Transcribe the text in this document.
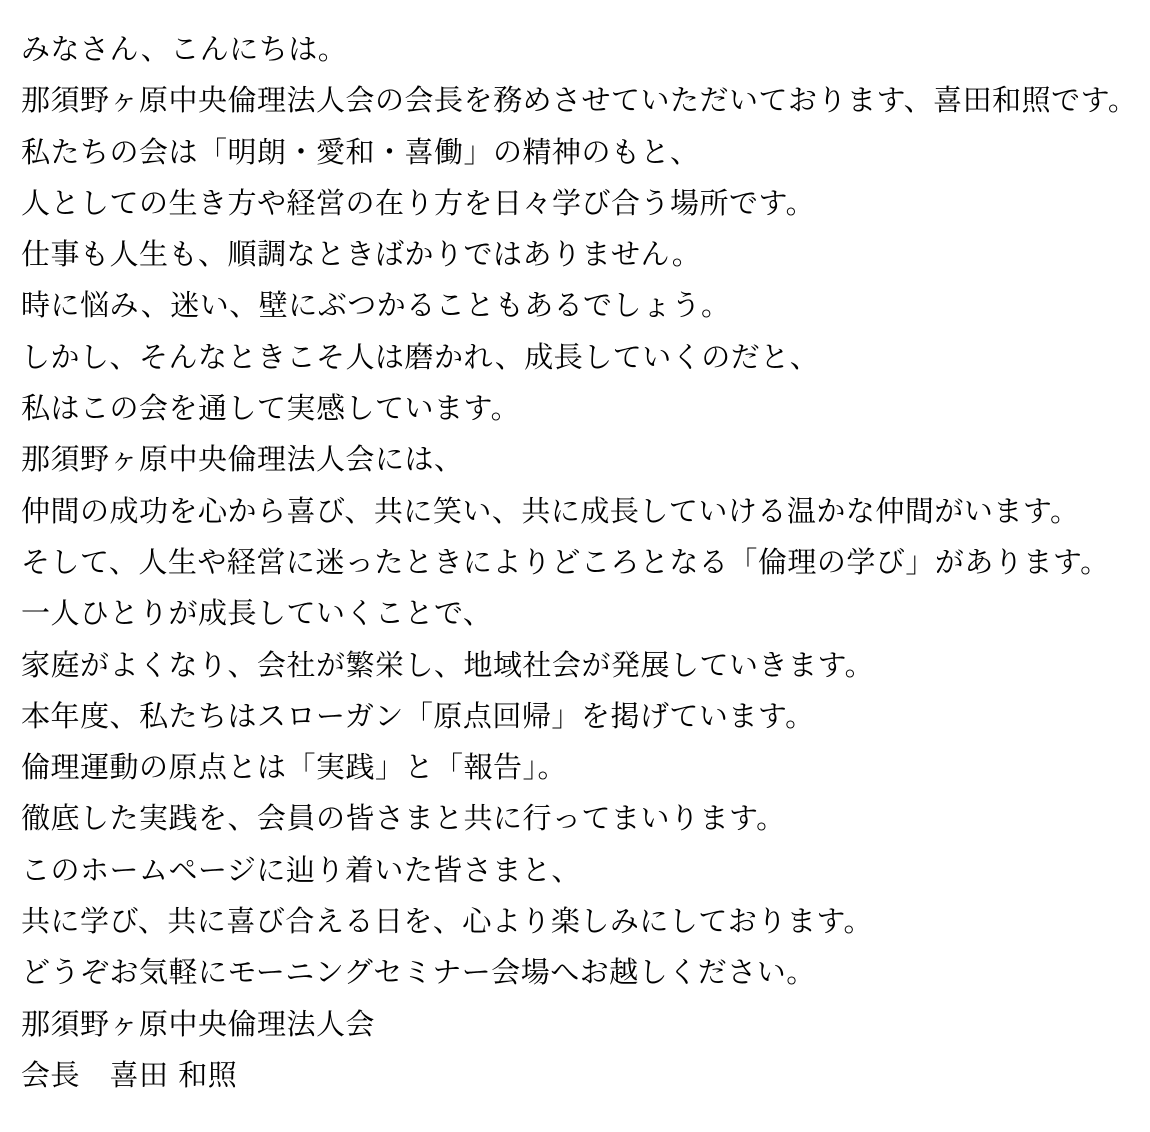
みなさん、こんにちは。

那須野ヶ原中央倫理法人会の会長を務めさせていただいております、喜田和照です。

私たちの会は「明朗・愛和・喜働」の精神のもと、

人としての生き方や経営の在り方を日々学び合う場所です。

仕事も人生も、順調なときばかりではありません。

時に悩み、迷い、壁にぶつかることもあるでしょう。

しかし、そんなときこそ人は磨かれ、成長していくのだと、

私はこの会を通して実感しています。

那須野ヶ原中央倫理法人会には、

仲間の成功を心から喜び、共に笑い、共に成長していける温かな仲間がいます。

そして、人生や経営に迷ったときによりどころとなる「倫理の学び」があります。

一人ひとりが成長していくことで、

家庭がよくなり、会社が繁栄し、地域社会が発展していきます。

本年度、私たちはスローガン「原点回帰」を掲げています。

倫理運動の原点とは「実践」と「報告」。

徹底した実践を、会員の皆さまと共に行ってまいります。

このホームページに辿り着いた皆さまと、

共に学び、共に喜び合える日を、心より楽しみにしております。

どうぞお気軽にモーニングセミナー会場へお越しください。

那須野ヶ原中央倫理法人会

会長　喜田 和照
